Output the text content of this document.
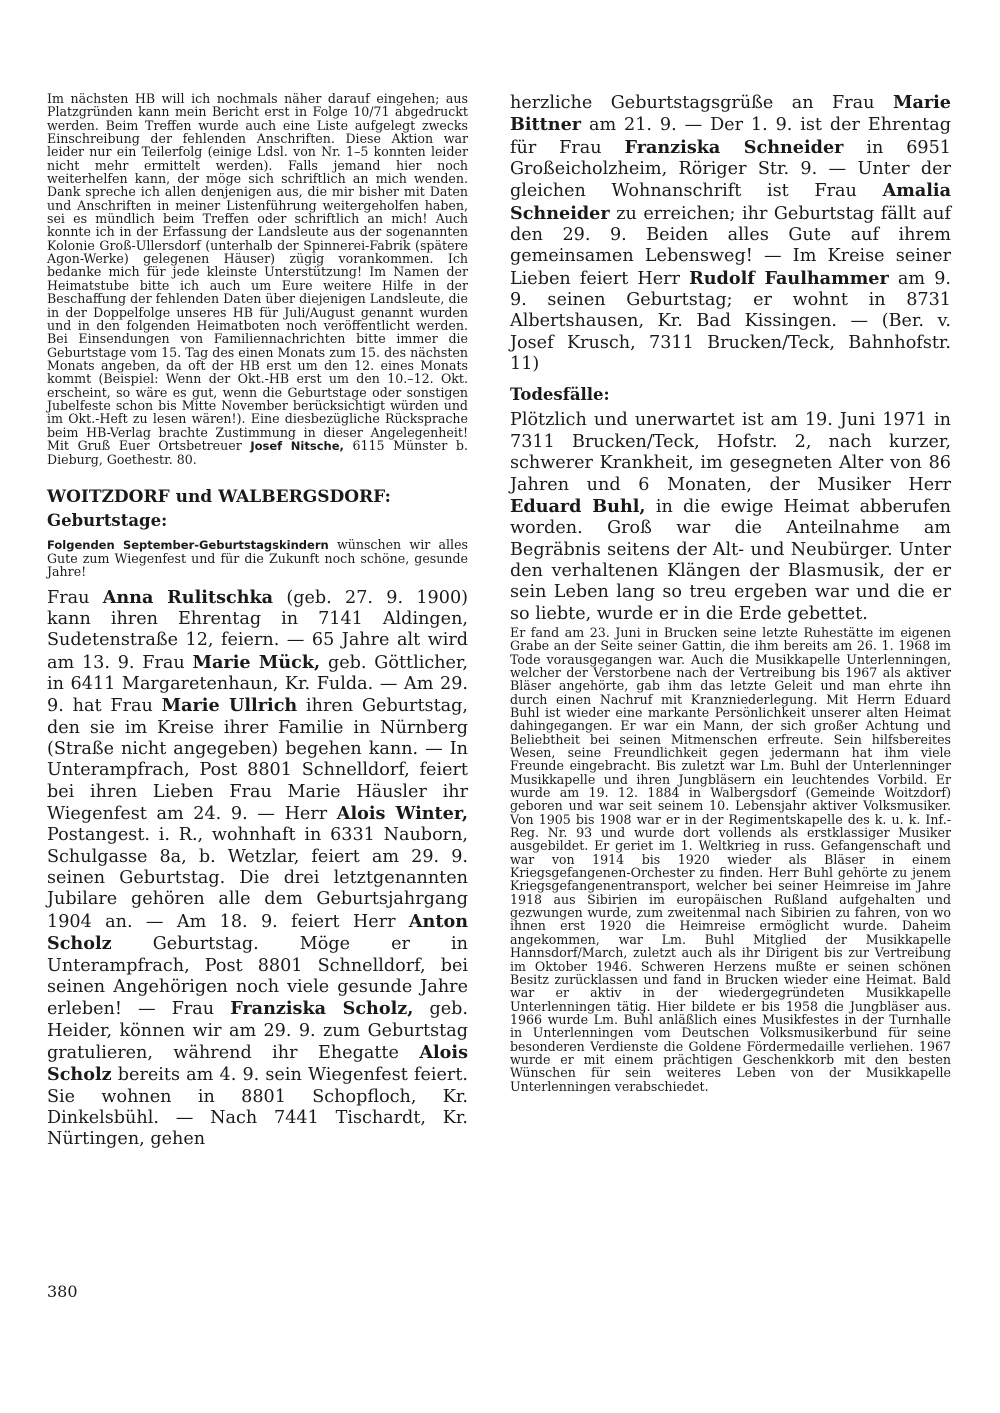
Im nächsten HB will ich nochmals näher darauf eingehen; aus Platzgründen kann mein Bericht erst in Folge 10/71 abgedruckt werden. Beim Treffen wurde auch eine Liste aufgelegt zwecks Einschreibung der fehlenden Anschriften. Diese Aktion war leider nur ein Teilerfolg (einige Ldsl. von Nr. 1–5 konnten leider nicht mehr ermittelt werden). Falls jemand hier noch weiterhelfen kann, der möge sich schriftlich an mich wenden. Dank spreche ich allen denjenigen aus, die mir bisher mit Daten und Anschriften in meiner Listenführung weitergeholfen haben, sei es mündlich beim Treffen oder schriftlich an mich! Auch konnte ich in der Erfassung der Landsleute aus der sogenannten Kolonie Groß-Ullersdorf (unterhalb der Spinnerei-Fabrik (spätere Agon-Werke) gelegenen Häuser) zügig vorankommen. Ich bedanke mich für jede kleinste Unterstützung! Im Namen der Heimatstube bitte ich auch um Eure weitere Hilfe in der Beschaffung der fehlenden Daten über diejenigen Landsleute, die in der Doppelfolge unseres HB für Juli/August genannt wurden und in den folgenden Heimatboten noch veröffentlicht werden. Bei Einsendungen von Familiennachrichten bitte immer die Geburtstage vom 15. Tag des einen Monats zum 15. des nächsten Monats angeben, da oft der HB erst um den 12. eines Monats kommt (Beispiel: Wenn der Okt.-HB erst um den 10.–12. Okt. erscheint, so wäre es gut, wenn die Geburtstage oder sonstigen Jubelfeste schon bis Mitte November berücksichtigt würden und im Okt.-Heft zu lesen wären!). Eine diesbezügliche Rücksprache beim HB-Verlag brachte Zustimmung in dieser Angelegenheit! Mit Gruß Euer Ortsbetreuer Josef Nitsche, 6115 Münster b. Dieburg, Goethestr. 80.

WOITZDORF und WALBERGSDORF:
Geburtstage:

Folgenden September-Geburtstagskindern wünschen wir alles Gute zum Wiegenfest und für die Zukunft noch schöne, gesunde Jahre!

Frau Anna Rulitschka (geb. 27. 9. 1900) kann ihren Ehrentag in 7141 Aldingen, Sudetenstraße 12, feiern. — 65 Jahre alt wird am 13. 9. Frau Marie Mück, geb. Göttlicher, in 6411 Margaretenhaun, Kr. Fulda. — Am 29. 9. hat Frau Marie Ullrich ihren Geburtstag, den sie im Kreise ihrer Familie in Nürnberg (Straße nicht angegeben) begehen kann. — In Unterampfrach, Post 8801 Schnelldorf, feiert bei ihren Lieben Frau Marie Häusler ihr Wiegenfest am 24. 9. — Herr Alois Winter, Postangest. i. R., wohnhaft in 6331 Nauborn, Schulgasse 8a, b. Wetzlar, feiert am 29. 9. seinen Geburtstag. Die drei letztgenannten Jubilare gehören alle dem Geburtsjahrgang 1904 an. — Am 18. 9. feiert Herr Anton Scholz Geburtstag. Möge er in Unterampfrach, Post 8801 Schnelldorf, bei seinen Angehörigen noch viele gesunde Jahre erleben! — Frau Franziska Scholz, geb. Heider, können wir am 29. 9. zum Geburtstag gratulieren, während ihr Ehegatte Alois Scholz bereits am 4. 9. sein Wiegenfest feiert. Sie wohnen in 8801 Schopfloch, Kr. Dinkelsbühl. — Nach 7441 Tischardt, Kr. Nürtingen, gehen

herzliche Geburtstagsgrüße an Frau Marie Bittner am 21. 9. — Der 1. 9. ist der Ehrentag für Frau Franziska Schneider in 6951 Großeicholzheim, Röriger Str. 9. — Unter der gleichen Wohnanschrift ist Frau Amalia Schneider zu erreichen; ihr Geburtstag fällt auf den 29. 9. Beiden alles Gute auf ihrem gemeinsamen Lebensweg! — Im Kreise seiner Lieben feiert Herr Rudolf Faulhammer am 9. 9. seinen Geburtstag; er wohnt in 8731 Albertshausen, Kr. Bad Kissingen. — (Ber. v. Josef Krusch, 7311 Brucken/Teck, Bahnhofstr. 11)

Todesfälle:

Plötzlich und unerwartet ist am 19. Juni 1971 in 7311 Brucken/Teck, Hofstr. 2, nach kurzer, schwerer Krankheit, im gesegneten Alter von 86 Jahren und 6 Monaten, der Musiker Herr Eduard Buhl, in die ewige Heimat abberufen worden. Groß war die Anteilnahme am Begräbnis seitens der Alt- und Neubürger. Unter den verhaltenen Klängen der Blasmusik, der er sein Leben lang so treu ergeben war und die er so liebte, wurde er in die Erde gebettet.

Er fand am 23. Juni in Brucken seine letzte Ruhestätte im eigenen Grabe an der Seite seiner Gattin, die ihm bereits am 26. 1. 1968 im Tode vorausgegangen war. Auch die Musikkapelle Unterlenningen, welcher der Verstorbene nach der Vertreibung bis 1967 als aktiver Bläser angehörte, gab ihm das letzte Geleit und man ehrte ihn durch einen Nachruf mit Kranzniederlegung. Mit Herrn Eduard Buhl ist wieder eine markante Persönlichkeit unserer alten Heimat dahingegangen. Er war ein Mann, der sich großer Achtung und Beliebtheit bei seinen Mitmenschen erfreute. Sein hilfsbereites Wesen, seine Freundlichkeit gegen jedermann hat ihm viele Freunde eingebracht. Bis zuletzt war Lm. Buhl der Unterlenninger Musikkapelle und ihren Jungbläsern ein leuchtendes Vorbild. Er wurde am 19. 12. 1884 in Walbergsdorf (Gemeinde Woitzdorf) geboren und war seit seinem 10. Lebensjahr aktiver Volksmusiker. Von 1905 bis 1908 war er in der Regimentskapelle des k. u. k. Inf.-Reg. Nr. 93 und wurde dort vollends als erstklassiger Musiker ausgebildet. Er geriet im 1. Weltkrieg in russ. Gefangenschaft und war von 1914 bis 1920 wieder als Bläser in einem Kriegsgefangenen-Orchester zu finden. Herr Buhl gehörte zu jenem Kriegsgefangenentransport, welcher bei seiner Heimreise im Jahre 1918 aus Sibirien im europäischen Rußland aufgehalten und gezwungen wurde, zum zweitenmal nach Sibirien zu fahren, von wo ihnen erst 1920 die Heimreise ermöglicht wurde. Daheim angekommen, war Lm. Buhl Mitglied der Musikkapelle Hannsdorf/March, zuletzt auch als ihr Dirigent bis zur Vertreibung im Oktober 1946. Schweren Herzens mußte er seinen schönen Besitz zurücklassen und fand in Brucken wieder eine Heimat. Bald war er aktiv in der wiedergegründeten Musikkapelle Unterlenningen tätig. Hier bildete er bis 1958 die Jungbläser aus. 1966 wurde Lm. Buhl anläßlich eines Musikfestes in der Turnhalle in Unterlenningen vom Deutschen Volksmusikerbund für seine besonderen Verdienste die Goldene Fördermedaille verliehen. 1967 wurde er mit einem prächtigen Geschenkkorb mit den besten Wünschen für sein weiteres Leben von der Musikkapelle Unterlenningen verabschiedet.

380
